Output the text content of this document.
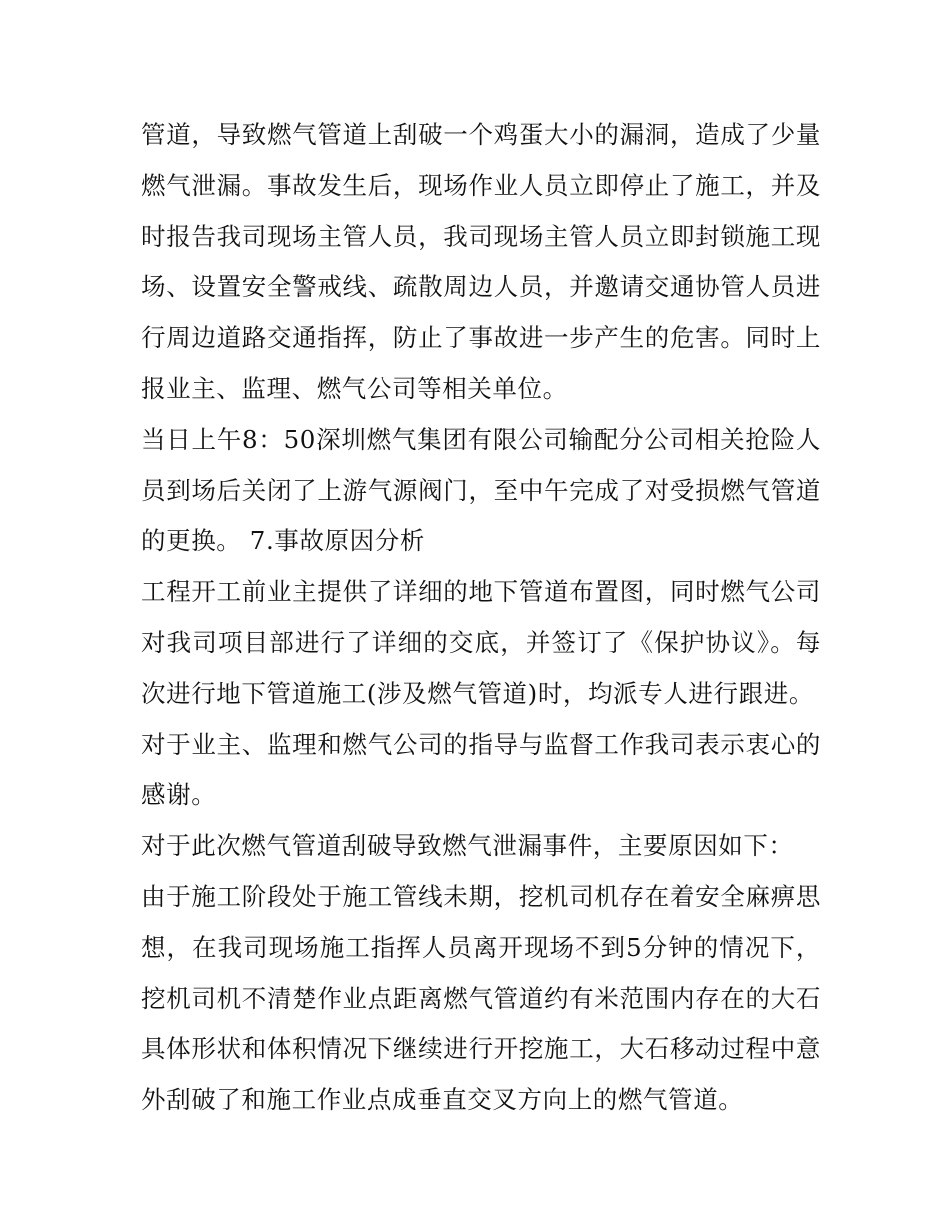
管道，导致燃气管道上刮破一个鸡蛋大小的漏洞，造成了少量燃气泄漏。事故发生后，现场作业人员立即停止了施工，并及时报告我司现场主管人员，我司现场主管人员立即封锁施工现场、设置安全警戒线、疏散周边人员，并邀请交通协管人员进行周边道路交通指挥，防止了事故进一步产生的危害。同时上报业主、监理、燃气公司等相关单位。

当日上午8：50深圳燃气集团有限公司输配分公司相关抢险人员到场后关闭了上游气源阀门，至中午完成了对受损燃气管道的更换。 7.事故原因分析

工程开工前业主提供了详细的地下管道布置图，同时燃气公司对我司项目部进行了详细的交底，并签订了《保护协议》。每次进行地下管道施工(涉及燃气管道)时，均派专人进行跟进。

对于业主、监理和燃气公司的指导与监督工作我司表示衷心的感谢。

对于此次燃气管道刮破导致燃气泄漏事件，主要原因如下：

由于施工阶段处于施工管线未期，挖机司机存在着安全麻痹思想，在我司现场施工指挥人员离开现场不到5分钟的情况下，挖机司机不清楚作业点距离燃气管道约有米范围内存在的大石具体形状和体积情况下继续进行开挖施工，大石移动过程中意外刮破了和施工作业点成垂直交叉方向上的燃气管道。
